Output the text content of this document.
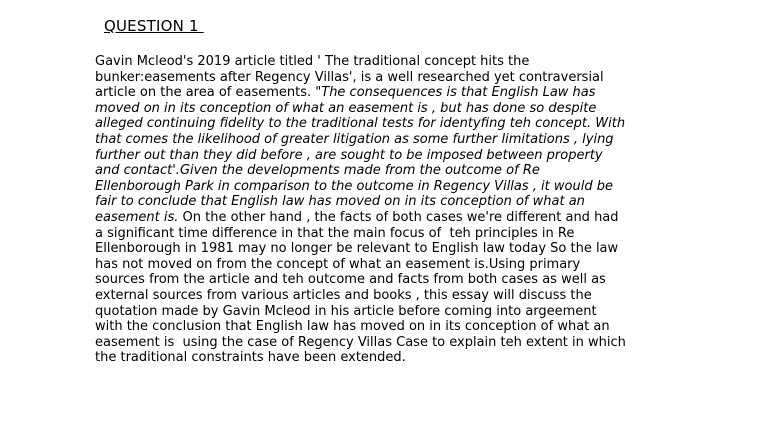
QUESTION 1
Gavin Mcleod's 2019 article titled ' The traditional concept hits the
bunker:easements after Regency Villas', is a well researched yet contraversial
article on the area of easements. "The consequences is that English Law has
moved on in its conception of what an easement is , but has done so despite
alleged continuing fidelity to the traditional tests for identyfing teh concept. With
that comes the likelihood of greater litigation as some further limitations , lying
further out than they did before , are sought to be imposed between property
and contact'.Given the developments made from the outcome of Re
Ellenborough Park in comparison to the outcome in Regency Villas , it would be
fair to conclude that English law has moved on in its conception of what an
easement is. On the other hand , the facts of both cases we're different and had
a significant time difference in that the main focus of  teh principles in Re
Ellenborough in 1981 may no longer be relevant to English law today So the law
has not moved on from the concept of what an easement is.Using primary
sources from the article and teh outcome and facts from both cases as well as
external sources from various articles and books , this essay will discuss the
quotation made by Gavin Mcleod in his article before coming into argeement
with the conclusion that English law has moved on in its conception of what an
easement is  using the case of Regency Villas Case to explain teh extent in which
the traditional constraints have been extended.
